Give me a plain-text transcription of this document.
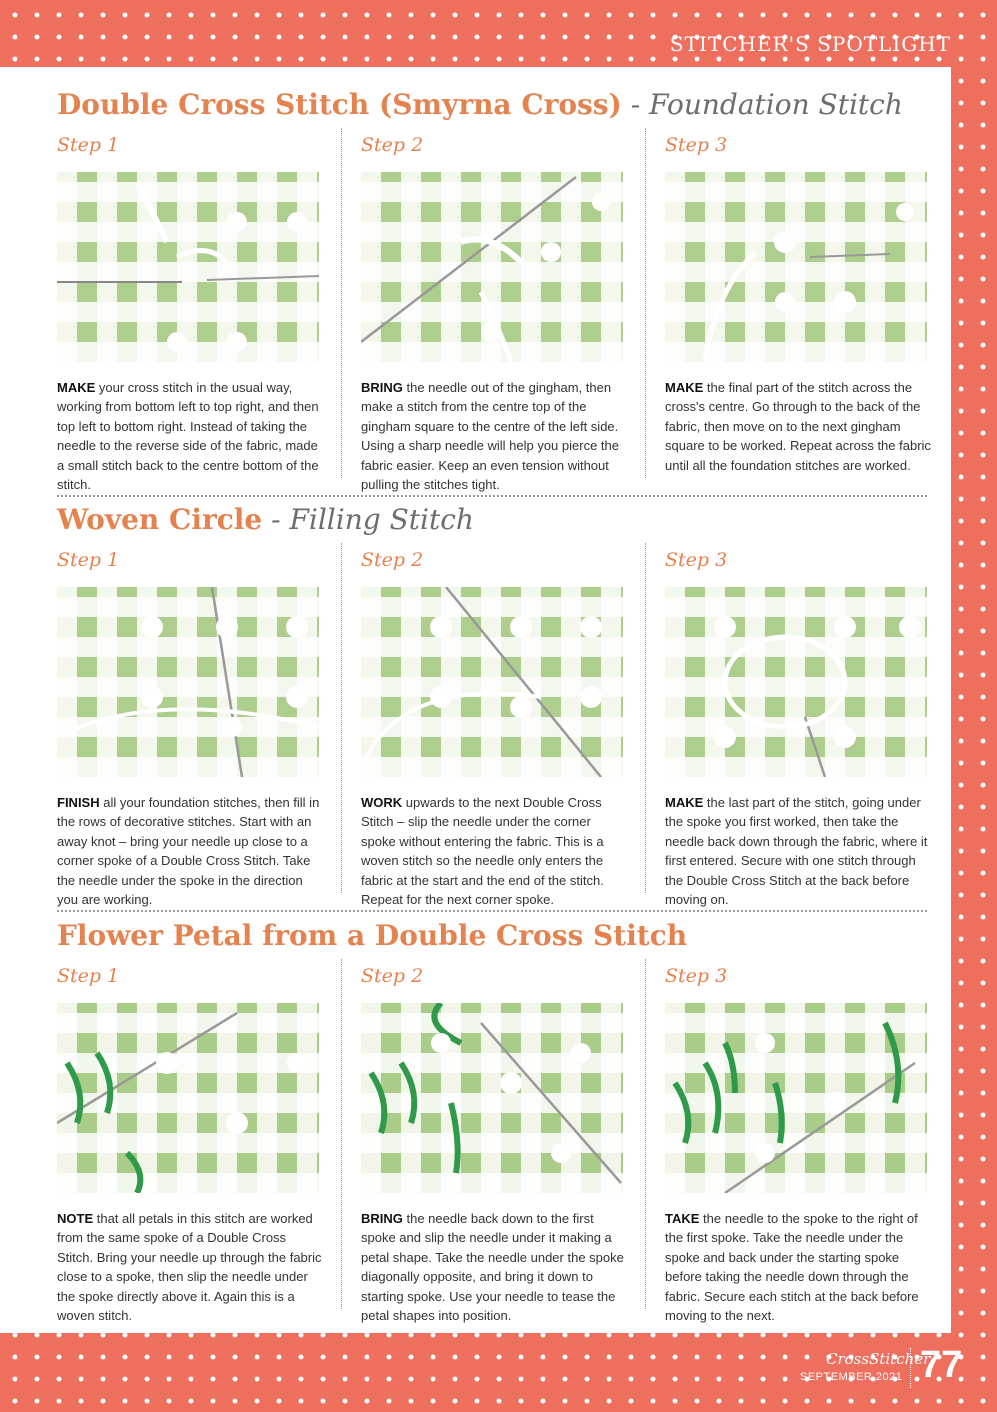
STITCHER'S SPOTLIGHT
Double Cross Stitch (Smyrna Cross) - Foundation Stitch
Step 1
MAKE your cross stitch in the usual way, working from bottom left to top right, and then top left to bottom right. Instead of taking the needle to the reverse side of the fabric, made a small stitch back to the centre bottom of the stitch.
Step 2
BRING the needle out of the gingham, then make a stitch from the centre top of the gingham square to the centre of the left side. Using a sharp needle will help you pierce the fabric easier. Keep an even tension without pulling the stitches tight.
Step 3
MAKE the final part of the stitch across the cross's centre. Go through to the back of the fabric, then move on to the next gingham square to be worked. Repeat across the fabric until all the foundation stitches are worked.
Woven Circle - Filling Stitch
Step 1
FINISH all your foundation stitches, then fill in the rows of decorative stitches. Start with an away knot – bring your needle up close to a corner spoke of a Double Cross Stitch. Take the needle under the spoke in the direction you are working.
Step 2
WORK upwards to the next Double Cross Stitch – slip the needle under the corner spoke without entering the fabric. This is a woven stitch so the needle only enters the fabric at the start and the end of the stitch. Repeat for the next corner spoke.
Step 3
MAKE the last part of the stitch, going under the spoke you first worked, then take the needle back down through the fabric, where it first entered. Secure with one stitch through the Double Cross Stitch at the back before moving on.
Flower Petal from a Double Cross Stitch
Step 1
NOTE that all petals in this stitch are worked from the same spoke of a Double Cross Stitch. Bring your needle up through the fabric close to a spoke, then slip the needle under the spoke directly above it. Again this is a woven stitch.
Step 2
BRING the needle back down to the first spoke and slip the needle under it making a petal shape. Take the needle under the spoke diagonally opposite, and bring it down to starting spoke. Use your needle to tease the petal shapes into position.
Step 3
TAKE the needle to the spoke to the right of the first spoke. Take the needle under the spoke and back under the starting spoke before taking the needle down through the fabric. Secure each stitch at the back before moving to the next.
CrossStitcher
SEPTEMBER 2021 77
